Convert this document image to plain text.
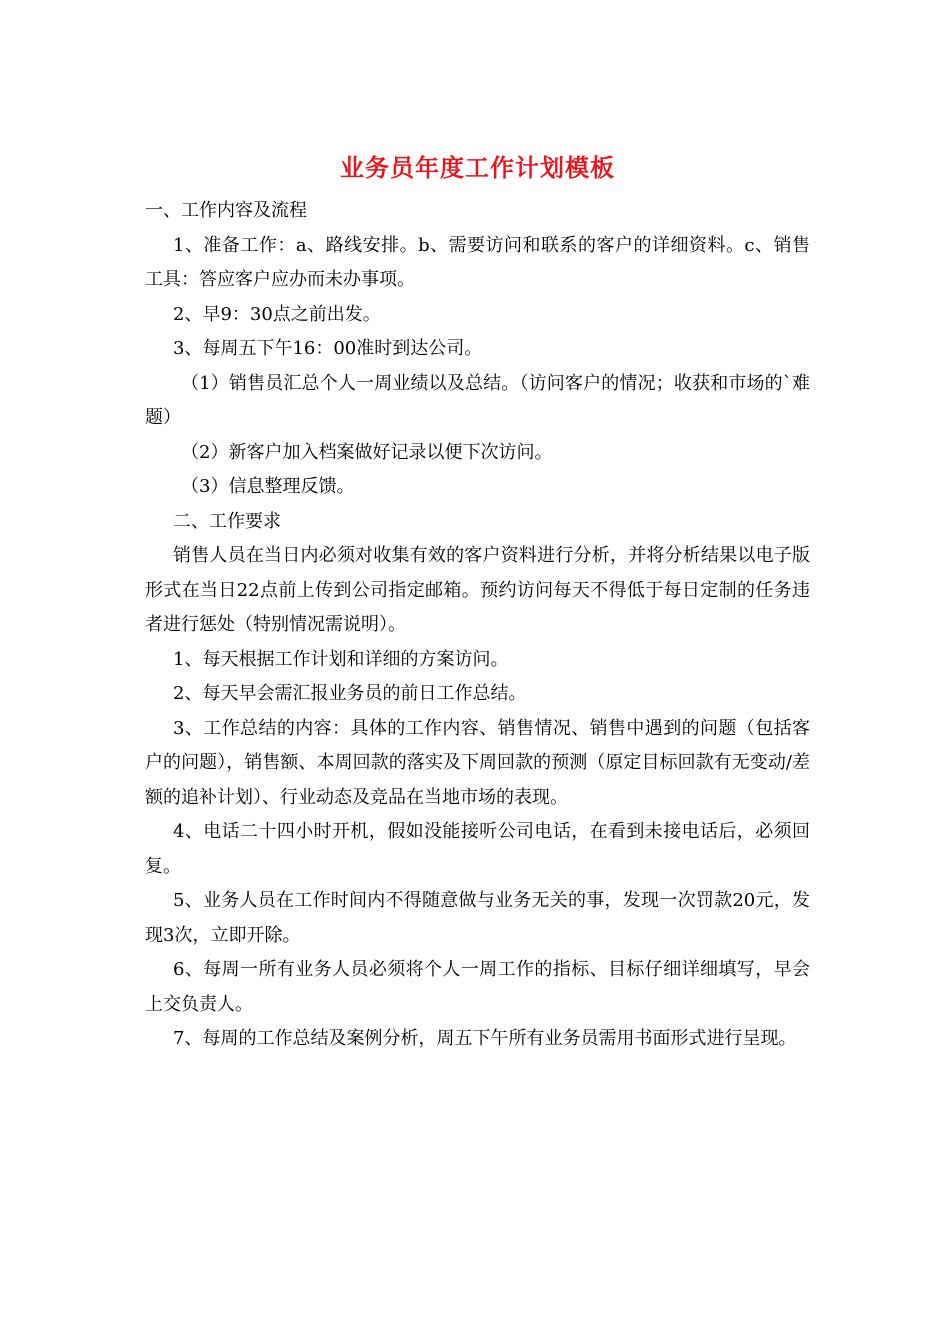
业务员年度工作计划模板

一、工作内容及流程

1、准备工作：a、路线安排。b、需要访问和联系的客户的详细资料。c、销售工具：答应客户应办而未办事项。

2、早9：30点之前出发。

3、每周五下午16：00准时到达公司。

（1）销售员汇总个人一周业绩以及总结。（访问客户的情况；收获和市场的`难题）

（2）新客户加入档案做好记录以便下次访问。

（3）信息整理反馈。

二、工作要求

销售人员在当日内必须对收集有效的客户资料进行分析，并将分析结果以电子版形式在当日22点前上传到公司指定邮箱。预约访问每天不得低于每日定制的任务违者进行惩处（特别情况需说明）。

1、每天根据工作计划和详细的方案访问。

2、每天早会需汇报业务员的前日工作总结。

3、工作总结的内容：具体的工作内容、销售情况、销售中遇到的问题（包括客户的问题），销售额、本周回款的落实及下周回款的预测（原定目标回款有无变动/差额的追补计划）、行业动态及竞品在当地市场的表现。

4、电话二十四小时开机，假如没能接听公司电话，在看到未接电话后，必须回复。

5、业务人员在工作时间内不得随意做与业务无关的事，发现一次罚款20元，发现3次，立即开除。

6、每周一所有业务人员必须将个人一周工作的指标、目标仔细详细填写，早会上交负责人。

7、每周的工作总结及案例分析，周五下午所有业务员需用书面形式进行呈现。
